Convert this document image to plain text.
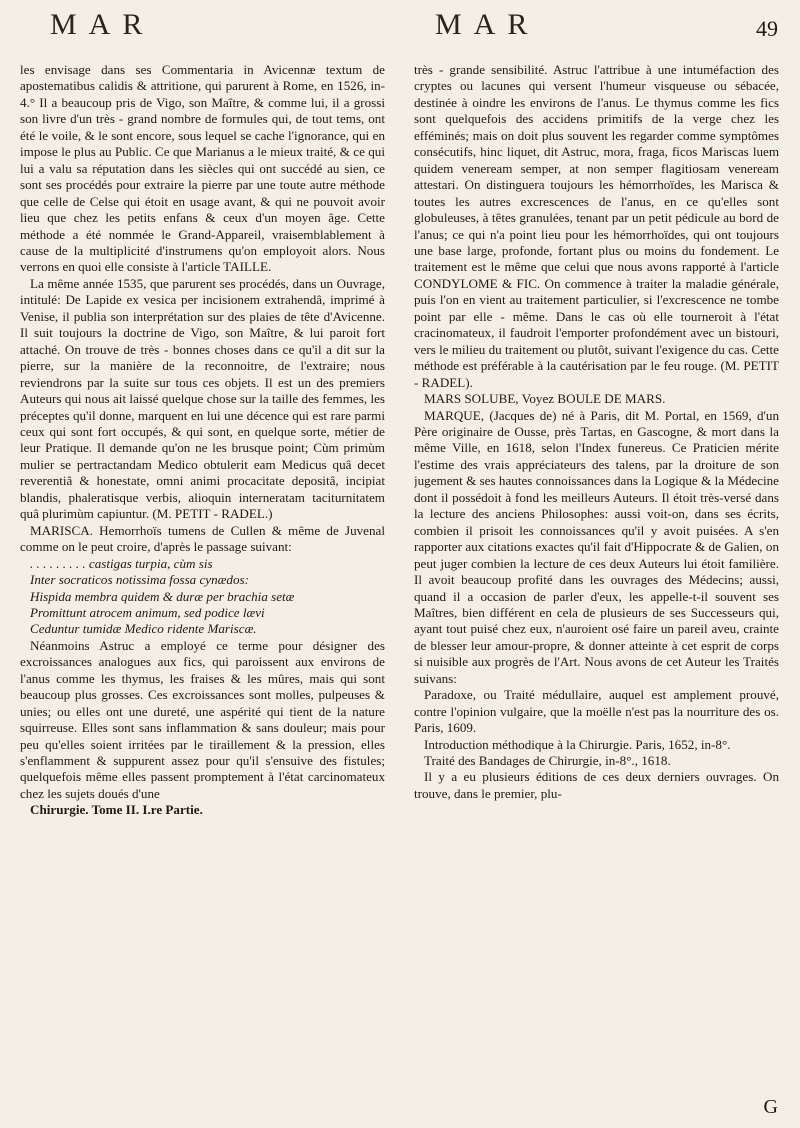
MAR	MAR	49

les envisage dans ses Commentaria in Avicennæ textum de apostematibus calidis & attritione, qui parurent à Rome, en 1526, in-4.° Il a beaucoup pris de Vigo, son Maître, & comme lui, il a grossi son livre d'un très - grand nombre de formules qui, de tout tems, ont été le voile, & le sont encore, sous lequel se cache l'ignorance, qui en impose le plus au Public. Ce que Marianus a le mieux traité, & ce qui lui a valu sa réputation dans les siècles qui ont succédé au sien, ce sont ses procédés pour extraire la pierre par une toute autre méthode que celle de Celse qui étoit en usage avant, & qui ne pouvoit avoir lieu que chez les petits enfans & ceux d'un moyen âge. Cette méthode a été nommée le Grand-Appareil, vraisemblablement à cause de la multiplicité d'instrumens qu'on employoit alors. Nous verrons en quoi elle consiste à l'article TAILLE.

La même année 1535, que parurent ses procédés, dans un Ouvrage, intitulé: De Lapide ex vesica per incisionem extrahendâ, imprimé à Venise, il publia son interprétation sur des plaies de tête d'Avicenne. Il suit toujours la doctrine de Vigo, son Maître, & lui paroit fort attaché. On trouve de très - bonnes choses dans ce qu'il a dit sur la pierre, sur la manière de la reconnoitre, de l'extraire; nous reviendrons par la suite sur tous ces objets. Il est un des premiers Auteurs qui nous ait laissé quelque chose sur la taille des femmes, les préceptes qu'il donne, marquent en lui une décence qui est rare parmi ceux qui sont fort occupés, & qui sont, en quelque sorte, métier de leur Pratique. Il demande qu'on ne les brusque point; Cùm primùm mulier se pertractandam Medico obtulerit eam Medicus quâ decet reverentiâ & honestate, omni animi procacitate depositâ, incipiat blandis, phaleratisque verbis, alioquin interneratam taciturnitatem quâ plurimùm capiuntur. (M. PETIT - RADEL.)

MARISCA. Hemorrhoïs tumens de Cullen & même de Juvenal comme on le peut croire, d'après le passage suivant:

. . . . . . . . . castigas turpia, cùm sis

Inter socraticos notissima fossa cynædos:

Hispida membra quidem & duræ per brachia setæ

Promittunt atrocem animum, sed podice lævi

Ceduntur tumidæ Medico ridente Mariscæ.

Néanmoins Astruc a employé ce terme pour désigner des excroissances analogues aux fics, qui paroissent aux environs de l'anus comme les thymus, les fraises & les mûres, mais qui sont beaucoup plus grosses. Ces excroissances sont molles, pulpeuses & unies; ou elles ont une dureté, une aspérité qui tient de la nature squirreuse. Elles sont sans inflammation & sans douleur; mais pour peu qu'elles soient irritées par le tiraillement & la pression, elles s'enflamment & suppurent assez pour qu'il s'ensuive des fistules; quelquefois même elles passent promptement à l'état carcinomateux chez les sujets doués d'une

Chirurgie. Tome II. I.re Partie.

très - grande sensibilité. Astruc l'attribue à une intuméfaction des cryptes ou lacunes qui versent l'humeur visqueuse ou sébacée, destinée à oindre les environs de l'anus. Le thymus comme les fics sont quelquefois des accidens primitifs de la verge chez les efféminés; mais on doit plus souvent les regarder comme symptômes consécutifs, hinc liquet, dit Astruc, mora, fraga, ficos Mariscas luem quidem veneream semper, at non semper flagitiosam veneream attestari. On distinguera toujours les hémorrhoïdes, les Marisca & toutes les autres excrescences de l'anus, en ce qu'elles sont globuleuses, à têtes granulées, tenant par un petit pédicule au bord de l'anus; ce qui n'a point lieu pour les hémorrhoïdes, qui ont toujours une base large, profonde, fortant plus ou moins du fondement. Le traitement est le même que celui que nous avons rapporté à l'article CONDYLOME & FIC. On commence à traiter la maladie générale, puis l'on en vient au traitement particulier, si l'excrescence ne tombe point par elle - même. Dans le cas où elle tourneroit à l'état cracinomateux, il faudroit l'emporter profondément avec un bistouri, vers le milieu du traitement ou plutôt, suivant l'exigence du cas. Cette méthode est préférable à la cautérisation par le feu rouge. (M. PETIT - RADEL).

MARS SOLUBE, Voyez BOULE DE MARS.

MARQUE, (Jacques de) né à Paris, dit M. Portal, en 1569, d'un Père originaire de Ousse, près Tartas, en Gascogne, & mort dans la même Ville, en 1618, selon l'Index funereus. Ce Praticien mérite l'estime des vrais appréciateurs des talens, par la droiture de son jugement & ses hautes connoissances dans la Logique & la Médecine dont il possédoit à fond les meilleurs Auteurs. Il étoit très-versé dans la lecture des anciens Philosophes: aussi voit-on, dans ses écrits, combien il prisoit les connoissances qu'il y avoit puisées. A s'en rapporter aux citations exactes qu'il fait d'Hippocrate & de Galien, on peut juger combien la lecture de ces deux Auteurs lui étoit familière. Il avoit beaucoup profité dans les ouvrages des Médecins; aussi, quand il a occasion de parler d'eux, les appelle-t-il souvent ses Maîtres, bien différent en cela de plusieurs de ses Successeurs qui, ayant tout puisé chez eux, n'auroient osé faire un pareil aveu, crainte de blesser leur amour-propre, & donner atteinte à cet esprit de corps si nuisible aux progrès de l'Art. Nous avons de cet Auteur les Traités suivans:

Paradoxe, ou Traité médullaire, auquel est amplement prouvé, contre l'opinion vulgaire, que la moëlle n'est pas la nourriture des os. Paris, 1609.

Introduction méthodique à la Chirurgie. Paris, 1652, in-8°.

Traité des Bandages de Chirurgie, in-8°., 1618.

Il y a eu plusieurs éditions de ces deux derniers ouvrages. On trouve, dans le premier, plu-

G
